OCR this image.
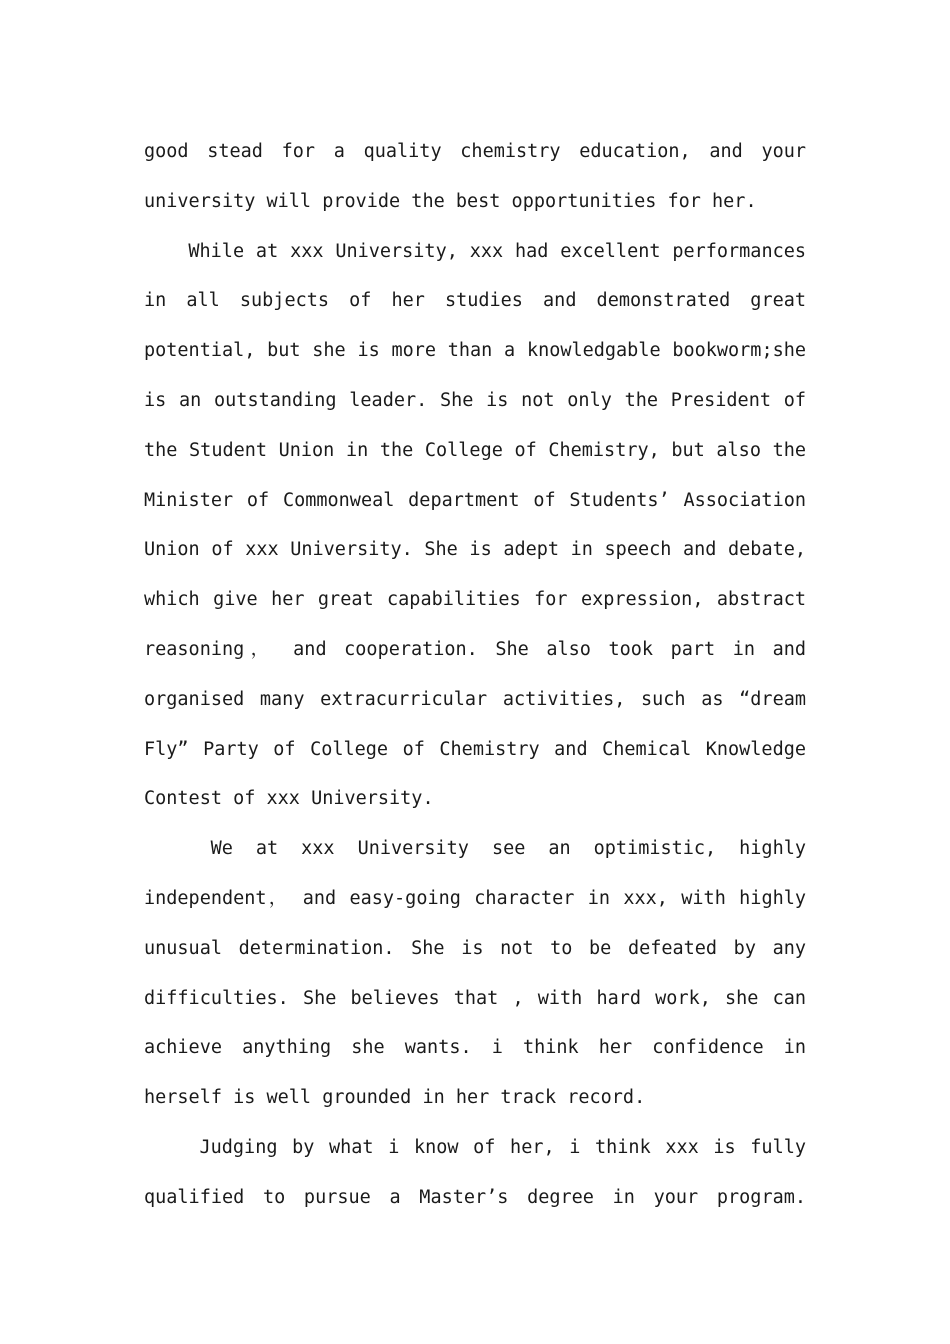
good stead for a quality chemistry education, and your
university will provide the best opportunities for her.
While at xxx University, xxx had excellent performances
in all subjects of her studies and demonstrated great
potential, but she is more than a knowledgable bookworm;she
is an outstanding leader. She is not only the President of
the Student Union in the College of Chemistry, but also the
Minister of Commonweal department of Students’ Association
Union of xxx University. She is adept in speech and debate,
which give her great capabilities for expression, abstract
reasoning， and cooperation. She also took part in and
organised many extracurricular activities, such as “dream
Fly” Party of College of Chemistry and Chemical Knowledge
Contest of xxx University.
We at xxx University see an optimistic, highly
independent， and easy-going character in xxx, with highly
unusual determination. She is not to be defeated by any
difficulties. She believes that , with hard work, she can
achieve anything she wants. i think her confidence in
herself is well grounded in her track record.
Judging by what i know of her, i think xxx is fully
qualified to pursue a Master’s degree in your program.
